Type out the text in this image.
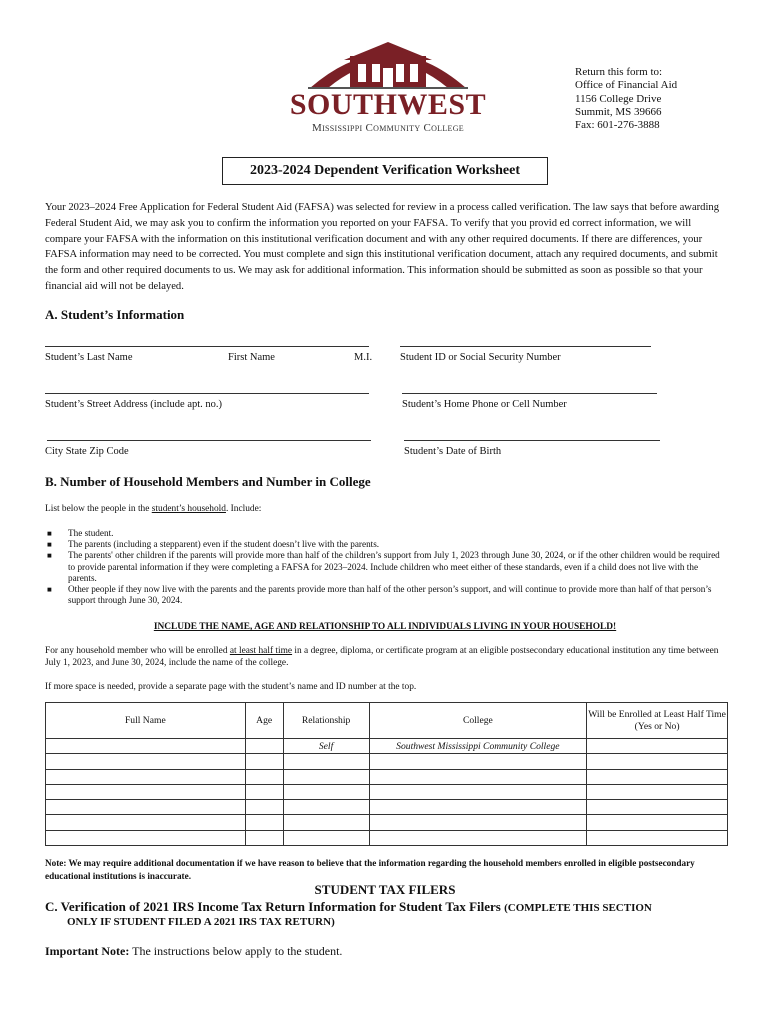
SOUTHWEST
Mississippi Community College
Return this form to:
Office of Financial Aid
1156 College Drive
Summit, MS 39666
Fax: 601-276-3888
2023-2024 Dependent Verification Worksheet
Your 2023–2024 Free Application for Federal Student Aid (FAFSA) was selected for review in a process called verification. The law says that before awarding Federal Student Aid, we may ask you to confirm the information you reported on your FAFSA. To verify that you provid ed correct information, we will compare your FAFSA with the information on this institutional verification document and with any other required documents. If there are differences, your FAFSA information may need to be corrected. You must complete and sign this institutional verification document, attach any required documents, and submit the form and other required documents to us. We may ask for additional information. This information should be submitted as soon as possible so that your financial aid will not be delayed.
A. Student’s Information
Student’s Last Name	First Name	M.I.	Student ID or Social Security Number
Student’s Street Address (include apt. no.)	Student’s Home Phone or Cell Number
City State Zip Code	Student’s Date of Birth
B. Number of Household Members and Number in College
List below the people in the student’s household. Include:
■ The student.
■ The parents (including a stepparent) even if the student doesn’t live with the parents.
■ The parents' other children if the parents will provide more than half of the children’s support from July 1, 2023 through June 30, 2024, or if the other children would be required to provide parental information if they were completing a FAFSA for 2023–2024. Include children who meet either of these standards, even if a child does not live with the parents.
■ Other people if they now live with the parents and the parents provide more than half of the other person’s support, and will continue to provide more than half of that person’s support through June 30, 2024.
INCLUDE THE NAME, AGE AND RELATIONSHIP TO ALL INDIVIDUALS LIVING IN YOUR HOUSEHOLD!
For any household member who will be enrolled at least half time in a degree, diploma, or certificate program at an eligible postsecondary educational institution any time between July 1, 2023, and June 30, 2024, include the name of the college.
If more space is needed, provide a separate page with the student’s name and ID number at the top.
Full Name	Age	Relationship	College	Will be Enrolled at Least Half Time (Yes or No)
		Self	Southwest Mississippi Community College	

Note: We may require additional documentation if we have reason to believe that the information regarding the household members enrolled in eligible postsecondary educational institutions is inaccurate.
STUDENT TAX FILERS
C. Verification of 2021 IRS Income Tax Return Information for Student Tax Filers (COMPLETE THIS SECTION
ONLY IF STUDENT FILED A 2021 IRS TAX RETURN)
Important Note: The instructions below apply to the student.
